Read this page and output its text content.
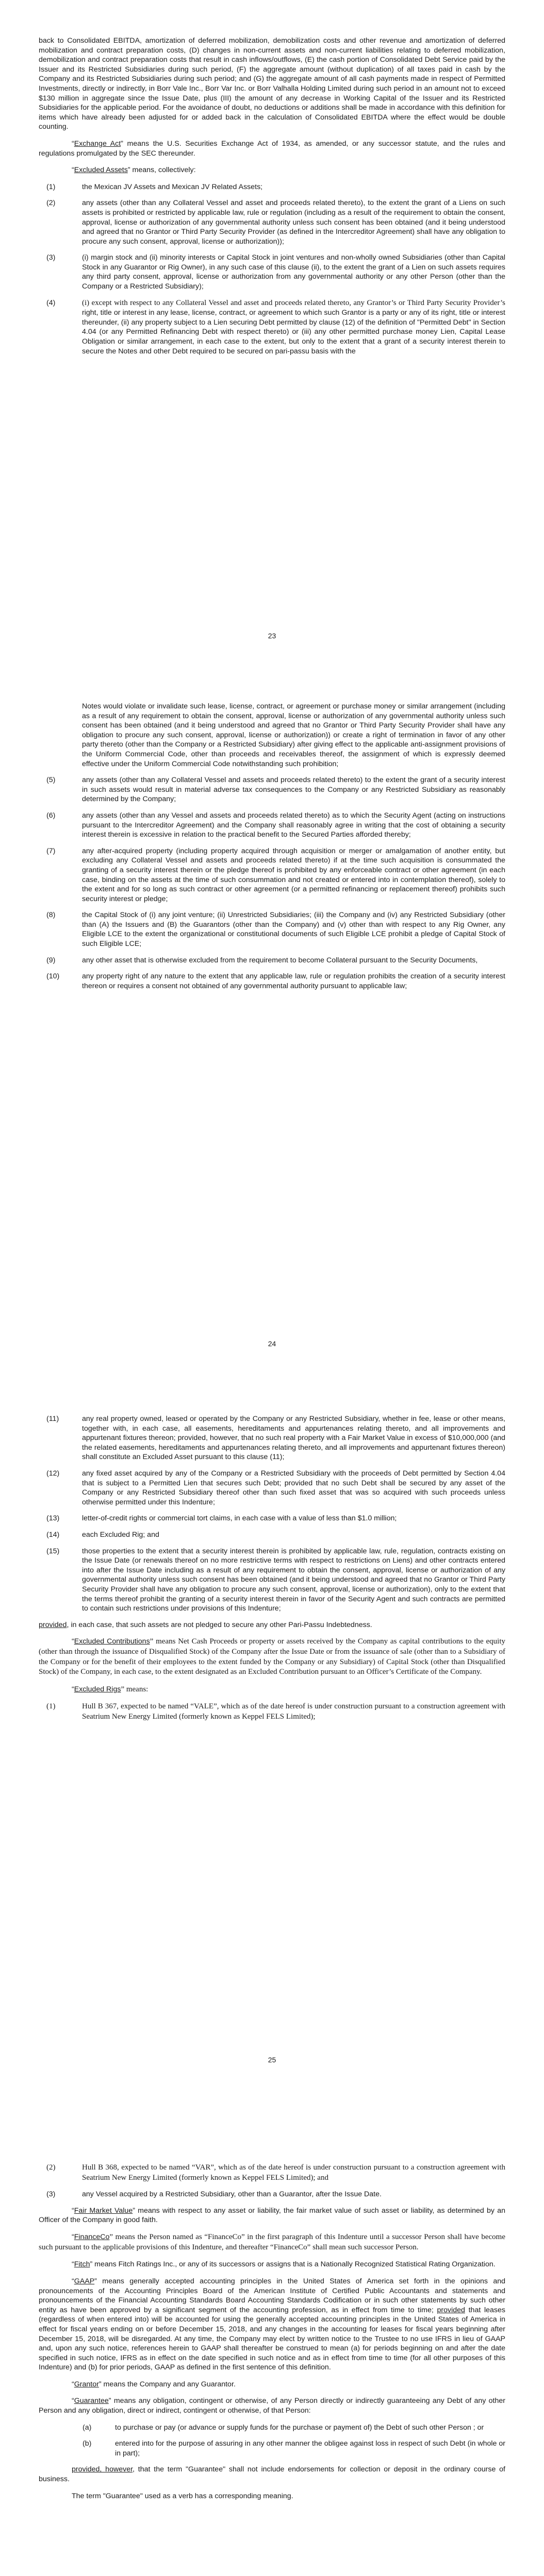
back to Consolidated EBITDA, amortization of deferred mobilization, demobilization costs and other revenue and amortization of deferred mobilization and contract preparation costs, (D) changes in non-current assets and non-current liabilities relating to deferred mobilization, demobilization and contract preparation costs that result in cash inflows/outflows, (E) the cash portion of Consolidated Debt Service paid by the Issuer and its Restricted Subsidiaries during such period, (F) the aggregate amount (without duplication) of all taxes paid in cash by the Company and its Restricted Subsidiaries during such period; and (G) the aggregate amount of all cash payments made in respect of Permitted Investments, directly or indirectly, in Borr Vale Inc., Borr Var Inc. or Borr Valhalla Holding Limited during such period in an amount not to exceed $130 million in aggregate since the Issue Date, plus (III) the amount of any decrease in Working Capital of the Issuer and its Restricted Subsidiaries for the applicable period. For the avoidance of doubt, no deductions or additions shall be made in accordance with this definition for items which have already been adjusted for or added back in the calculation of Consolidated EBITDA where the effect would be double counting.

“Exchange Act” means the U.S. Securities Exchange Act of 1934, as amended, or any successor statute, and the rules and regulations promulgated by the SEC thereunder.

“Excluded Assets” means, collectively:

(1)	the Mexican JV Assets and Mexican JV Related Assets;
(2)	any assets (other than any Collateral Vessel and asset and proceeds related thereto), to the extent the grant of a Liens on such assets is prohibited or restricted by applicable law, rule or regulation (including as a result of the requirement to obtain the consent, approval, license or authorization of any governmental authority unless such consent has been obtained (and it being understood and agreed that no Grantor or Third Party Security Provider (as defined in the Intercreditor Agreement) shall have any obligation to procure any such consent, approval, license or authorization));
(3)	(i) margin stock and (ii) minority interests or Capital Stock in joint ventures and non-wholly owned Subsidiaries (other than Capital Stock in any Guarantor or Rig Owner), in any such case of this clause (ii), to the extent the grant of a Lien on such assets requires any third party consent, approval, license or authorization from any governmental authority or any other Person (other than the Company or a Restricted Subsidiary);
(4)	(i) except with respect to any Collateral Vessel and asset and proceeds related thereto, any Grantor’s or Third Party Security Provider’s right, title or interest in any lease, license, contract, or agreement to which such Grantor is a party or any of its right, title or interest thereunder, (ii) any property subject to a Lien securing Debt permitted by clause (12) of the definition of "Permitted Debt" in Section 4.04 (or any Permitted Refinancing Debt with respect thereto) or (iii) any other permitted purchase money Lien, Capital Lease Obligation or similar arrangement, in each case to the extent, but only to the extent that a grant of a security interest therein to secure the Notes and other Debt required to be secured on pari-passu basis with the
23
Notes would violate or invalidate such lease, license, contract, or agreement or purchase money or similar arrangement (including as a result of any requirement to obtain the consent, approval, license or authorization of any governmental authority unless such consent has been obtained (and it being understood and agreed that no Grantor or Third Party Security Provider shall have any obligation to procure any such consent, approval, license or authorization)) or create a right of termination in favor of any other party thereto (other than the Company or a Restricted Subsidiary) after giving effect to the applicable anti-assignment provisions of the Uniform Commercial Code, other than proceeds and receivables thereof, the assignment of which is expressly deemed effective under the Uniform Commercial Code notwithstanding such prohibition;
(5)	any assets (other than any Collateral Vessel and assets and proceeds related thereto) to the extent the grant of a security interest in such assets would result in material adverse tax consequences to the Company or any Restricted Subsidiary as reasonably determined by the Company;
(6)	any assets (other than any Vessel and assets and proceeds related thereto) as to which the Security Agent (acting on instructions pursuant to the Intercreditor Agreement) and the Company shall reasonably agree in writing that the cost of obtaining a security interest therein is excessive in relation to the practical benefit to the Secured Parties afforded thereby;
(7)	any after-acquired property (including property acquired through acquisition or merger or amalgamation of another entity, but excluding any Collateral Vessel and assets and proceeds related thereto) if at the time such acquisition is consummated the granting of a security interest therein or the pledge thereof is prohibited by any enforceable contract or other agreement (in each case, binding on the assets at the time of such consummation and not created or entered into in contemplation thereof), solely to the extent and for so long as such contract or other agreement (or a permitted refinancing or replacement thereof) prohibits such security interest or pledge;
(8)	the Capital Stock of (i) any joint venture; (ii) Unrestricted Subsidiaries; (iii) the Company and (iv) any Restricted Subsidiary (other than (A) the Issuers and (B) the Guarantors (other than the Company) and (v) other than with respect to any Rig Owner, any Eligible LCE to the extent the organizational or constitutional documents of such Eligible LCE prohibit a pledge of Capital Stock of such Eligible LCE;
(9)	any other asset that is otherwise excluded from the requirement to become Collateral pursuant to the Security Documents,
(10)	any property right of any nature to the extent that any applicable law, rule or regulation prohibits the creation of a security interest thereon or requires a consent not obtained of any governmental authority pursuant to applicable law;
24
(11)	any real property owned, leased or operated by the Company or any Restricted Subsidiary, whether in fee, lease or other means, together with, in each case, all easements, hereditaments and appurtenances relating thereto, and all improvements and appurtenant fixtures thereon; provided, however, that no such real property with a Fair Market Value in excess of $10,000,000 (and the related easements, hereditaments and appurtenances relating thereto, and all improvements and appurtenant fixtures thereon) shall constitute an Excluded Asset pursuant to this clause (11);
(12)	any fixed asset acquired by any of the Company or a Restricted Subsidiary with the proceeds of Debt permitted by Section 4.04 that is subject to a Permitted Lien that secures such Debt; provided that no such Debt shall be secured by any asset of the Company or any Restricted Subsidiary thereof other than such fixed asset that was so acquired with such proceeds unless otherwise permitted under this Indenture;
(13)	letter-of-credit rights or commercial tort claims, in each case with a value of less than $1.0 million;
(14)	each Excluded Rig; and
(15)	those properties to the extent that a security interest therein is prohibited by applicable law, rule, regulation, contracts existing on the Issue Date (or renewals thereof on no more restrictive terms with respect to restrictions on Liens) and other contracts entered into after the Issue Date including as a result of any requirement to obtain the consent, approval, license or authorization of any governmental authority unless such consent has been obtained (and it being understood and agreed that no Grantor or Third Party Security Provider shall have any obligation to procure any such consent, approval, license or authorization), only to the extent that the terms thereof prohibit the granting of a security interest therein in favor of the Security Agent and such contracts are permitted to contain such restrictions under provisions of this Indenture;

provided, in each case, that such assets are not pledged to secure any other Pari-Passu Indebtedness.

“Excluded Contributions” means Net Cash Proceeds or property or assets received by the Company as capital contributions to the equity (other than through the issuance of Disqualified Stock) of the Company after the Issue Date or from the issuance of sale (other than to a Subsidiary of the Company or for the benefit of their employees to the extent funded by the Company or any Subsidiary) of Capital Stock (other than Disqualified Stock) of the Company, in each case, to the extent designated as an Excluded Contribution pursuant to an Officer’s Certificate of the Company.

“Excluded Rigs” means:

(1)	Hull B 367, expected to be named “VALE”, which as of the date hereof is under construction pursuant to a construction agreement with Seatrium New Energy Limited (formerly known as Keppel FELS Limited);
25
(2)	Hull B 368, expected to be named “VAR”, which as of the date hereof is under construction pursuant to a construction agreement with Seatrium New Energy Limited (formerly known as Keppel FELS Limited); and
(3)	any Vessel acquired by a Restricted Subsidiary, other than a Guarantor, after the Issue Date.

“Fair Market Value” means with respect to any asset or liability, the fair market value of such asset or liability, as determined by an Officer of the Company in good faith.

“FinanceCo” means the Person named as “FinanceCo” in the first paragraph of this Indenture until a successor Person shall have become such pursuant to the applicable provisions of this Indenture, and thereafter “FinanceCo” shall mean such successor Person.

“Fitch” means Fitch Ratings Inc., or any of its successors or assigns that is a Nationally Recognized Statistical Rating Organization.

“GAAP” means generally accepted accounting principles in the United States of America set forth in the opinions and pronouncements of the Accounting Principles Board of the American Institute of Certified Public Accountants and statements and pronouncements of the Financial Accounting Standards Board Accounting Standards Codification or in such other statements by such other entity as have been approved by a significant segment of the accounting profession, as in effect from time to time; provided that leases (regardless of when entered into) will be accounted for using the generally accepted accounting principles in the United States of America in effect for fiscal years ending on or before December 15, 2018, and any changes in the accounting for leases for fiscal years beginning after December 15, 2018, will be disregarded. At any time, the Company may elect by written notice to the Trustee to no use IFRS in lieu of GAAP and, upon any such notice, references herein to GAAP shall thereafter be construed to mean (a) for periods beginning on and after the date specified in such notice, IFRS as in effect on the date specified in such notice and as in effect from time to time (for all other purposes of this Indenture) and (b) for prior periods, GAAP as defined in the first sentence of this definition.

“Grantor” means the Company and any Guarantor.

“Guarantee” means any obligation, contingent or otherwise, of any Person directly or indirectly guaranteeing any Debt of any other Person and any obligation, direct or indirect, contingent or otherwise, of that Person:

(a)	to purchase or pay (or advance or supply funds for the purchase or payment of) the Debt of such other Person ; or
(b)	entered into for the purpose of assuring in any other manner the obligee against loss in respect of such Debt (in whole or in part);

provided, however, that the term "Guarantee" shall not include endorsements for collection or deposit in the ordinary course of business.

The term "Guarantee" used as a verb has a corresponding meaning.
